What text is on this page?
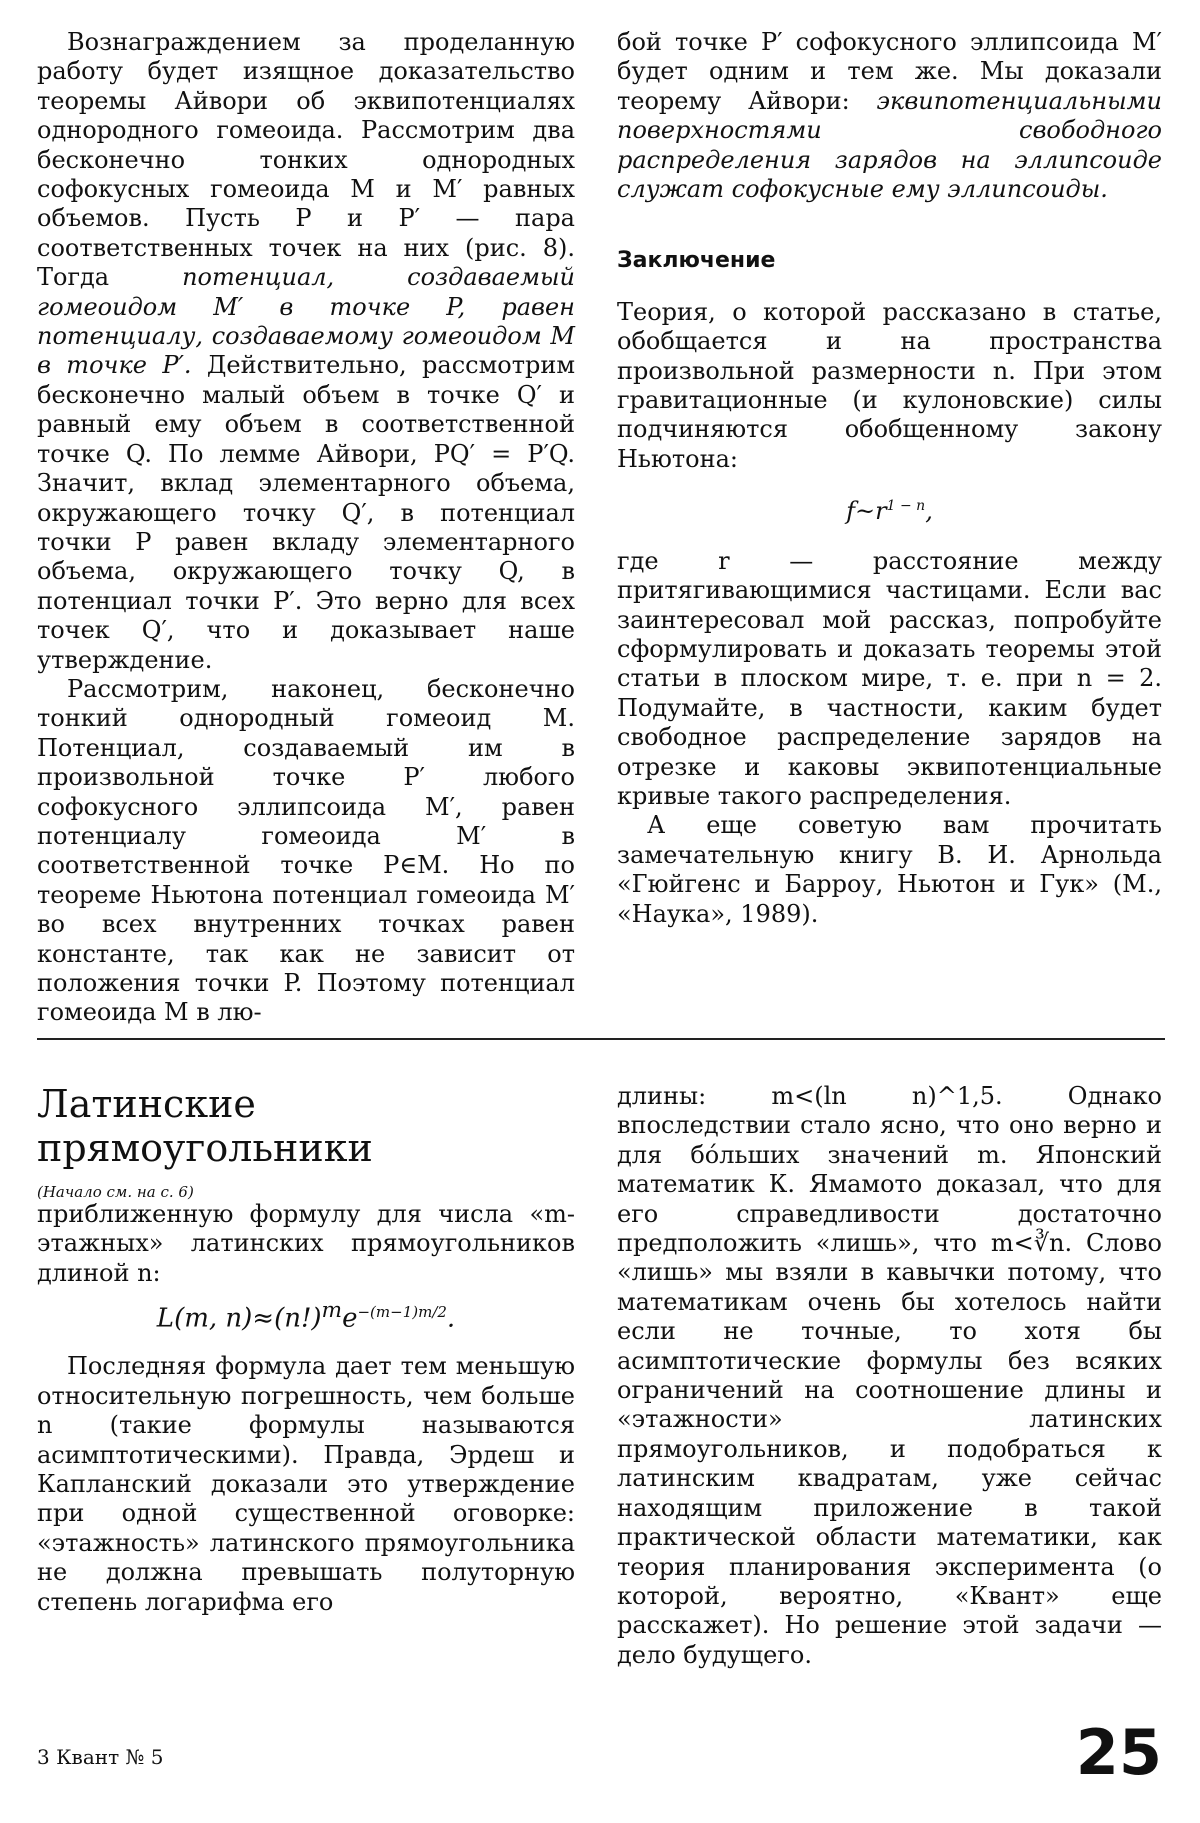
Вознаграждением за проделанную работу будет изящное доказательство теоремы Айвори об эквипотенциалях однородного гомеоида. Рассмотрим два бесконечно тонких однородных софокусных гомеоида M и M′ равных объемов. Пусть P и P′ — пара соответственных точек на них (рис. 8). Тогда потенциал, создаваемый гомеоидом M′ в точке P, равен потенциалу, создаваемому гомеоидом M в точке P′. Действительно, рассмотрим бесконечно малый объем в точке Q′ и равный ему объем в соответственной точке Q. По лемме Айвори, PQ′ = P′Q. Значит, вклад элементарного объема, окружающего точку Q′, в потенциал точки P равен вкладу элементарного объема, окружающего точку Q, в потенциал точки P′. Это верно для всех точек Q′, что и доказывает наше утверждение.

Рассмотрим, наконец, бесконечно тонкий однородный гомеоид M. Потенциал, создаваемый им в произвольной точке P′ любого софокусного эллипсоида M′, равен потенциалу гомеоида M′ в соответственной точке P∈M. Но по теореме Ньютона потенциал гомеоида M′ во всех внутренних точках равен константе, так как не зависит от положения точки P. Поэтому потенциал гомеоида M в лю-

бой точке P′ софокусного эллипсоида M′ будет одним и тем же. Мы доказали теорему Айвори: эквипотенциальными поверхностями свободного распределения зарядов на эллипсоиде служат софокусные ему эллипсоиды.

Заключение

Теория, о которой рассказано в статье, обобщается и на пространства произвольной размерности n. При этом гравитационные (и кулоновские) силы подчиняются обобщенному закону Ньютона:

$f\sim r^{1 - n}$,

где r — расстояние между притягивающимися частицами. Если вас заинтересовал мой рассказ, попробуйте сформулировать и доказать теоремы этой статьи в плоском мире, т. е. при n = 2. Подумайте, в частности, каким будет свободное распределение зарядов на отрезке и каковы эквипотенциальные кривые такого распределения.

А еще советую вам прочитать замечательную книгу В. И. Арнольда «Гюйгенс и Барроу, Ньютон и Гук» (М., «Наука», 1989).

Латинские прямоугольники
(Начало см. на с. 6)

приближенную формулу для числа «m-этажных» латинских прямоугольников длиной n:

L(m, $n)\approx(n!)^me^{-(m-1)m/2}$.

Последняя формула дает тем меньшую относительную погрешность, чем больше n (такие формулы называются асимптотическими). Правда, Эрдеш и Капланский доказали это утверждение при одной существенной оговорке: «этажность» латинского прямоугольника не должна превышать полуторную степень логарифма его

длины: m<(ln n)^1,5. Однако впоследствии стало ясно, что оно верно и для бо́льших значений m. Японский математик К. Ямамото доказал, что для его справедливости достаточно предположить «лишь», что m<∛n. Слово «лишь» мы взяли в кавычки потому, что математикам очень бы хотелось найти если не точные, то хотя бы асимптотические формулы без всяких ограничений на соотношение длины и «этажности» латинских прямоугольников, и подобраться к латинским квадратам, уже сейчас находящим приложение в такой практической области математики, как теория планирования эксперимента (о которой, вероятно, «Квант» еще расскажет). Но решение этой задачи — дело будущего.

3 Квант № 5	25
